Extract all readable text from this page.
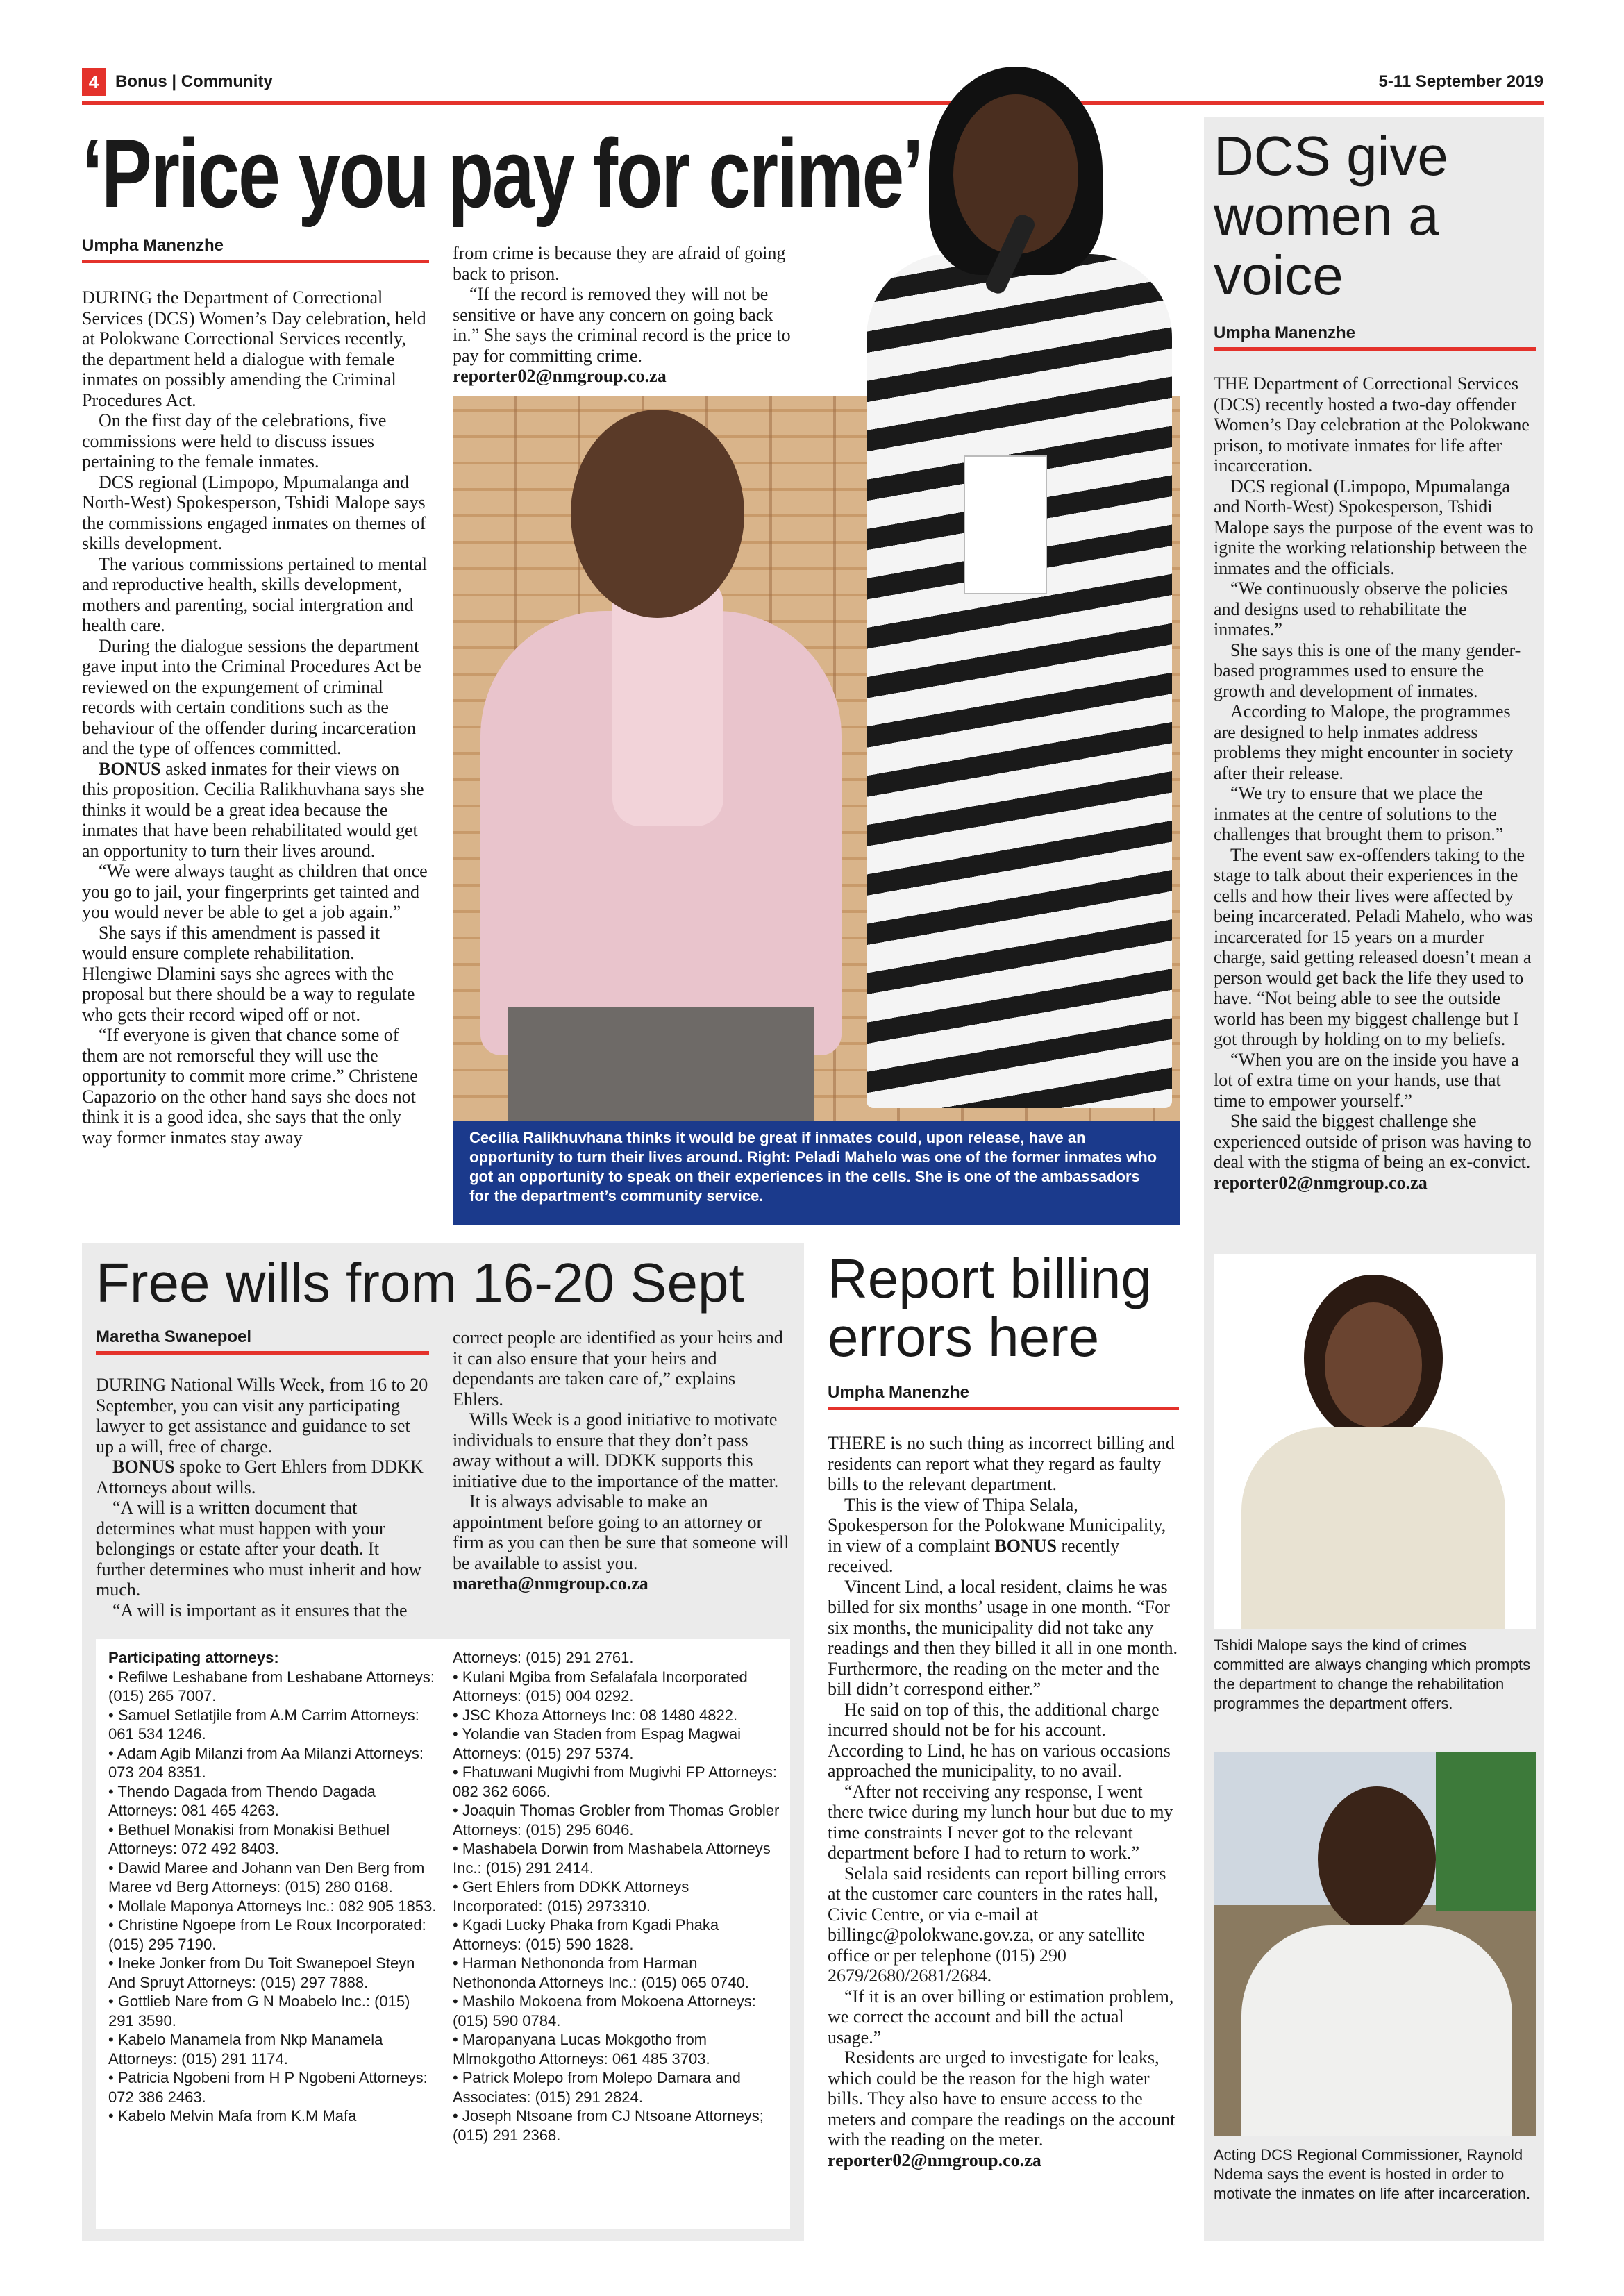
4 Bonus | Community	5-11 September 2019
‘Price you pay for crime’
Umpha Manenzhe

DURING the Department of Correctional Services (DCS) Women’s Day celebration, held at Polokwane Correctional Services recently, the department held a dialogue with female inmates on possibly amending the Criminal Procedures Act.

On the first day of the celebrations, five commissions were held to discuss issues pertaining to the female inmates.

DCS regional (Limpopo, Mpumalanga and North-West) Spokesperson, Tshidi Malope says the commissions engaged inmates on themes of skills development.

The various commissions pertained to mental and reproductive health, skills development, mothers and parenting, social intergration and health care.

During the dialogue sessions the department gave input into the Criminal Procedures Act be reviewed on the expungement of criminal records with certain conditions such as the behaviour of the offender during incarceration and the type of offences committed.

BONUS asked inmates for their views on this proposition. Cecilia Ralikhuvhana says she thinks it would be a great idea because the inmates that have been rehabilitated would get an opportunity to turn their lives around.

“We were always taught as children that once you go to jail, your fingerprints get tainted and you would never be able to get a job again.”

She says if this amendment is passed it would ensure complete rehabilitation. Hlengiwe Dlamini says she agrees with the proposal but there should be a way to regulate who gets their record wiped off or not.

“If everyone is given that chance some of them are not remorseful they will use the opportunity to commit more crime.” Christene Capazorio on the other hand says she does not think it is a good idea, she says that the only way former inmates stay away

from crime is because they are afraid of going back to prison.

“If the record is removed they will not be sensitive or have any concern on going back in.” She says the criminal record is the price to pay for committing crime.

reporter02@nmgroup.co.za

Cecilia Ralikhuvhana thinks it would be great if inmates could, upon release, have an opportunity to turn their lives around. Right: Peladi Mahelo was one of the former inmates who got an opportunity to speak on their experiences in the cells. She is one of the ambassadors for the department’s community service.
DCS give women a voice
Umpha Manenzhe

THE Department of Correctional Services (DCS) recently hosted a two-day offender Women’s Day celebration at the Polokwane prison, to motivate inmates for life after incarceration.

DCS regional (Limpopo, Mpumalanga and North-West) Spokesperson, Tshidi Malope says the purpose of the event was to ignite the working relationship between the inmates and the officials.

“We continuously observe the policies and designs used to rehabilitate the inmates.”

She says this is one of the many gender-based programmes used to ensure the growth and development of inmates.

According to Malope, the programmes are designed to help inmates address problems they might encounter in society after their release.

“We try to ensure that we place the inmates at the centre of solutions to the challenges that brought them to prison.”

The event saw ex-offenders taking to the stage to talk about their experiences in the cells and how their lives were affected by being incarcerated. Peladi Mahelo, who was incarcerated for 15 years on a murder charge, said getting released doesn’t mean a person would get back the life they used to have. “Not being able to see the outside world has been my biggest challenge but I got through by holding on to my beliefs.

“When you are on the inside you have a lot of extra time on your hands, use that time to empower yourself.”

She said the biggest challenge she experienced outside of prison was having to deal with the stigma of being an ex-convict.

reporter02@nmgroup.co.za

Tshidi Malope says the kind of crimes committed are always changing which prompts the department to change the rehabilitation programmes the department offers.
Acting DCS Regional Commissioner, Raynold Ndema says the event is hosted in order to motivate the inmates on life after incarceration.
Free wills from 16-20 Sept
Maretha Swanepoel

DURING National Wills Week, from 16 to 20 September, you can visit any participating lawyer to get assistance and guidance to set up a will, free of charge.

BONUS spoke to Gert Ehlers from DDKK Attorneys about wills.

“A will is a written document that determines what must happen with your belongings or estate after your death. It further determines who must inherit and how much.

“A will is important as it ensures that the

correct people are identified as your heirs and it can also ensure that your heirs and dependants are taken care of,” explains Ehlers.

Wills Week is a good initiative to motivate individuals to ensure that they don’t pass away without a will. DDKK supports this initiative due to the importance of the matter.

It is always advisable to make an appointment before going to an attorney or firm as you can then be sure that someone will be available to assist you.

maretha@nmgroup.co.za

Participating attorneys:
• Refilwe Leshabane from Leshabane Attorneys: (015) 265 7007.
• Samuel Setlatjile from A.M Carrim Attorneys: 061 534 1246.
• Adam Agib Milanzi from Aa Milanzi Attorneys: 073 204 8351.
• Thendo Dagada from Thendo Dagada Attorneys: 081 465 4263.
• Bethuel Monakisi from Monakisi Bethuel Attorneys: 072 492 8403.
• Dawid Maree and Johann van Den Berg from Maree vd Berg Attorneys: (015) 280 0168.
• Mollale Maponya Attorneys Inc.: 082 905 1853.
• Christine Ngoepe from Le Roux Incorporated: (015) 295 7190.
• Ineke Jonker from Du Toit Swanepoel Steyn And Spruyt Attorneys: (015) 297 7888.
• Gottlieb Nare from G N Moabelo Inc.: (015) 291 3590.
• Kabelo Manamela from Nkp Manamela Attorneys: (015) 291 1174.
• Patricia Ngobeni from H P Ngobeni Attorneys: 072 386 2463.
• Kabelo Melvin Mafa from K.M Mafa
Attorneys: (015) 291 2761.
• Kulani Mgiba from Sefalafala Incorporated Attorneys: (015) 004 0292.
• JSC Khoza Attorneys Inc: 08 1480 4822.
• Yolandie van Staden from Espag Magwai Attorneys: (015) 297 5374.
• Fhatuwani Mugivhi from Mugivhi FP Attorneys: 082 362 6066.
• Joaquin Thomas Grobler from Thomas Grobler Attorneys: (015) 295 6046.
• Mashabela Dorwin from Mashabela Attorneys Inc.: (015) 291 2414.
• Gert Ehlers from DDKK Attorneys Incorporated: (015) 2973310.
• Kgadi Lucky Phaka from Kgadi Phaka Attorneys: (015) 590 1828.
• Harman Nethononda from Harman Nethononda Attorneys Inc.: (015) 065 0740.
• Mashilo Mokoena from Mokoena Attorneys: (015) 590 0784.
• Maropanyana Lucas Mokgotho from Mlmokgotho Attorneys: 061 485 3703.
• Patrick Molepo from Molepo Damara and Associates: (015) 291 2824.
• Joseph Ntsoane from CJ Ntsoane Attorneys; (015) 291 2368.
Report billing errors here
Umpha Manenzhe

THERE is no such thing as incorrect billing and residents can report what they regard as faulty bills to the relevant department.

This is the view of Thipa Selala, Spokesperson for the Polokwane Municipality, in view of a complaint BONUS recently received.

Vincent Lind, a local resident, claims he was billed for six months’ usage in one month. “For six months, the municipality did not take any readings and then they billed it all in one month. Furthermore, the reading on the meter and the bill didn’t correspond either.”

He said on top of this, the additional charge incurred should not be for his account. According to Lind, he has on various occasions approached the municipality, to no avail.

“After not receiving any response, I went there twice during my lunch hour but due to my time constraints I never got to the relevant department before I had to return to work.”

Selala said residents can report billing errors at the customer care counters in the rates hall, Civic Centre, or via e-mail at billingc@polokwane.gov.za, or any satellite office or per telephone (015) 290 2679/2680/2681/2684.

“If it is an over billing or estimation problem, we correct the account and bill the actual usage.”

Residents are urged to investigate for leaks, which could be the reason for the high water bills. They also have to ensure access to the meters and compare the readings on the account with the reading on the meter.

reporter02@nmgroup.co.za
